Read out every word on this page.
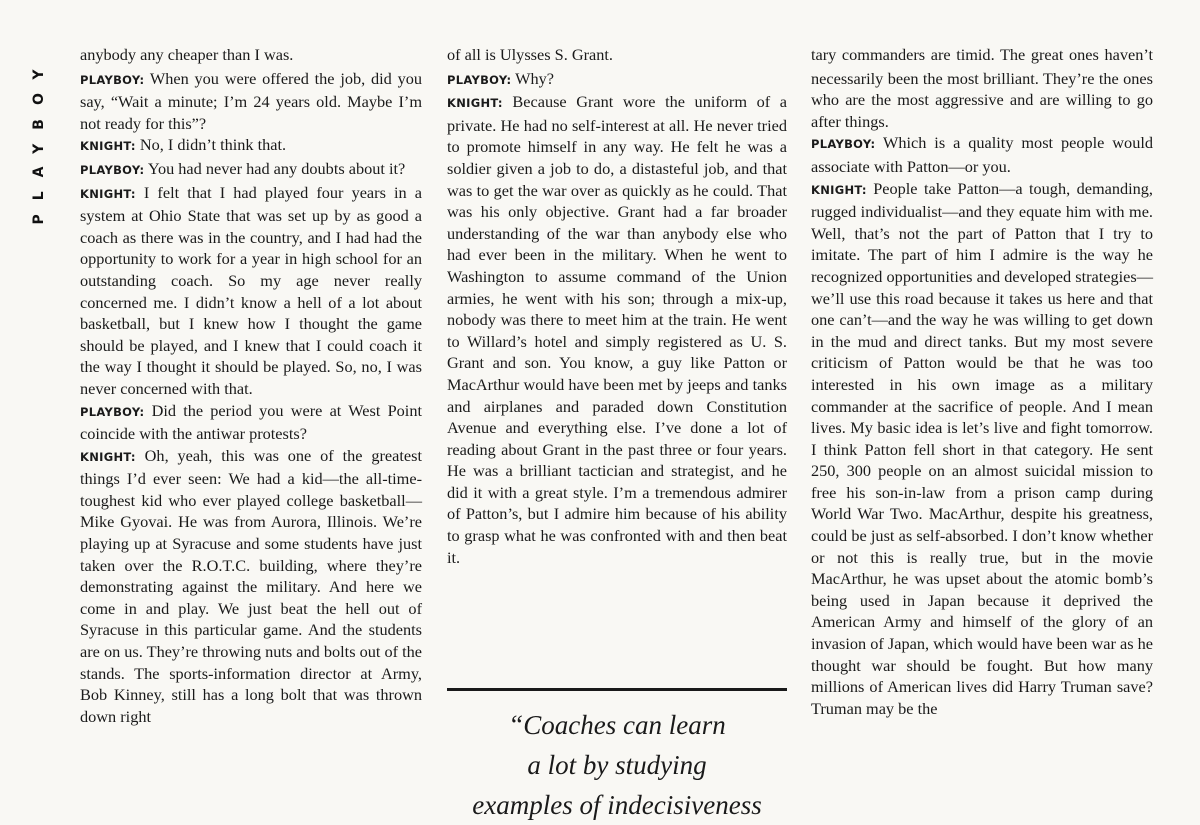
PLAYBOY

anybody any cheaper than I was.

PLAYBOY: When you were offered the job, did you say, “Wait a minute; I’m 24 years old. Maybe I’m not ready for this”?

KNIGHT: No, I didn’t think that.

PLAYBOY: You had never had any doubts about it?

KNIGHT: I felt that I had played four years in a system at Ohio State that was set up by as good a coach as there was in the country, and I had had the opportunity to work for a year in high school for an outstanding coach. So my age never really concerned me. I didn’t know a hell of a lot about basketball, but I knew how I thought the game should be played, and I knew that I could coach it the way I thought it should be played. So, no, I was never concerned with that.

PLAYBOY: Did the period you were at West Point coincide with the antiwar protests?

KNIGHT: Oh, yeah, this was one of the greatest things I’d ever seen: We had a kid—the all-time-toughest kid who ever played college basketball—Mike Gyovai. He was from Aurora, Illinois. We’re playing up at Syracuse and some students have just taken over the R.O.T.C. building, where they’re demonstrating against the military. And here we come in and play. We just beat the hell out of Syracuse in this particular game. And the students are on us. They’re throwing nuts and bolts out of the stands. The sports-information director at Army, Bob Kinney, still has a long bolt that was thrown down right

of all is Ulysses S. Grant.

PLAYBOY: Why?

KNIGHT: Because Grant wore the uniform of a private. He had no self-interest at all. He never tried to promote himself in any way. He felt he was a soldier given a job to do, a distasteful job, and that was to get the war over as quickly as he could. That was his only objective. Grant had a far broader understanding of the war than anybody else who had ever been in the military. When he went to Washington to assume command of the Union armies, he went with his son; through a mix-up, nobody was there to meet him at the train. He went to Willard’s hotel and simply registered as U. S. Grant and son. You know, a guy like Patton or MacArthur would have been met by jeeps and tanks and airplanes and paraded down Constitution Avenue and everything else. I’ve done a lot of reading about Grant in the past three or four years. He was a brilliant tactician and strategist, and he did it with a great style. I’m a tremendous admirer of Patton’s, but I admire him because of his ability to grasp what he was confronted with and then beat it.

“Coaches can learn
a lot by studying
examples of indecisiveness

tary commanders are timid. The great ones haven’t necessarily been the most brilliant. They’re the ones who are the most aggressive and are willing to go after things.

PLAYBOY: Which is a quality most people would associate with Patton—or you.

KNIGHT: People take Patton—a tough, demanding, rugged individualist—and they equate him with me. Well, that’s not the part of Patton that I try to imitate. The part of him I admire is the way he recognized opportunities and developed strategies—we’ll use this road because it takes us here and that one can’t—and the way he was willing to get down in the mud and direct tanks. But my most severe criticism of Patton would be that he was too interested in his own image as a military commander at the sacrifice of people. And I mean lives. My basic idea is let’s live and fight tomorrow. I think Patton fell short in that category. He sent 250, 300 people on an almost suicidal mission to free his son-in-law from a prison camp during World War Two. MacArthur, despite his greatness, could be just as self-absorbed. I don’t know whether or not this is really true, but in the movie MacArthur, he was upset about the atomic bomb’s being used in Japan because it deprived the American Army and himself of the glory of an invasion of Japan, which would have been war as he thought war should be fought. But how many millions of American lives did Harry Truman save? Truman may be the
